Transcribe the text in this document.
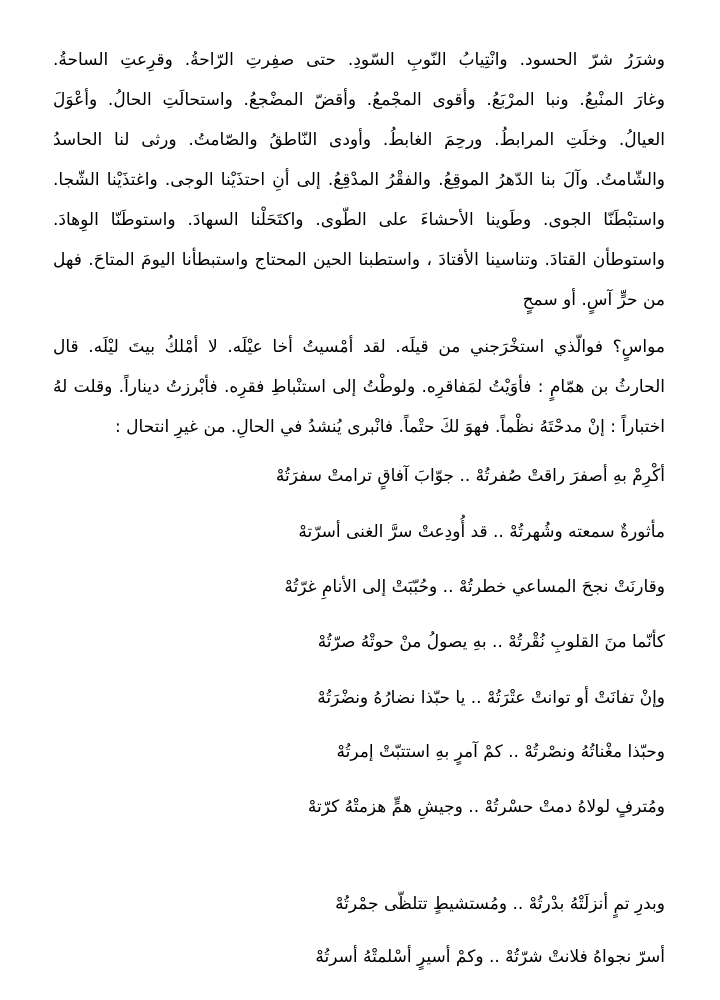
وشرَرُ شرّ الحسود. وانْتِيابُ النّوبِ السّودِ. حتى صفِرتِ الرّاحةُ. وقرِعتِ الساحةُ.
وغارَ المنْبعُ. ونبا المرْبَعُ. وأقوى المجْمعُ. وأقضّ المضْجعُ. واستحالَتِ الحالُ. وأعْوَلَ
العيالُ. وخلَتِ المرابطُ. ورحِمَ الغابطُ. وأودى النّاطقُ والصّامتُ. ورثى لنا الحاسدُ
والشّامتُ. وآلَ بنا الدّهرُ الموقِعُ. والفقْرُ المدْقِعُ. إلى أنِ احتذَيْنا الوجى. واغتذَيْنا الشّجا.
واستبْطَنّا الجوى. وطَوينا الأحشاءَ على الطّوى. واكتَحَلْنا السهادَ. واستوطَنّا الوِهادَ.
واستوطأن القتادَ. وتناسينا الأقتادَ ، واستطبنا الحين المحتاج واستبطأنا اليومَ المتاحَ. فهل
من حرٍّ آسٍ. أو سمحٍ
مواسٍ؟ فوالّذي استخْرَجني من قيلَه. لقد أمْسيتُ أخا عيْلَه. لا أمْلكُ بيتَ ليْلَه. قال
الحارثُ بن همّامٍ : فأوَيْتُ لمَفاقرِه. ولوطْتُ إلى استنْباطِ فقرِه. فأبْرزتُ ديناراً. وقلت لهُ
اختباراً : إنْ مدحْتَهُ نظْماً. فهوَ لكَ حتْماً. فانْبرى يُنشدُ في الحالِ. من غيرِ انتحال :
أكْرِمْ بهِ أصفرَ راقتْ صُفرتُهْ .. جوّابَ آفاقٍ ترامتْ سفرَتُهْ
مأثورةٌ سمعته وشُهرتُهْ .. قد أُودِعتْ سرَّ الغنى أسرّتهْ
وقارنَتْ نجحَ المساعي خطرتُهْ .. وحُبّبَتْ إلى الأنامِ غرّتُهْ
كأنّما منَ القلوبِ نُقْرتُهْ .. بهِ يصولُ منْ حوتْهُ صرّتُهْ
وإنْ تفانَتْ أو توانتْ عتْرَتُهْ .. يا حبّذا نضارُهُ ونضْرَتُهْ
وحبّذا مغْناتُهُ ونصْرتُهْ .. كمْ آمرٍ بهِ استتبّتْ إمرتُهْ
ومُترفٍ لولاهُ دمتْ حسْرتُهْ .. وجيشِ همٍّ هزمتْهُ كرّتهْ
وبدرِ تمٍ أنزلَتْهُ بدْرتُهْ .. ومُستشيطٍ تتلظّى جمْرتُهْ
أسرّ نجواهُ فلانتْ شرّتُهْ .. وكمْ أسيرٍ أسْلمتْهُ أسرتُهْ
